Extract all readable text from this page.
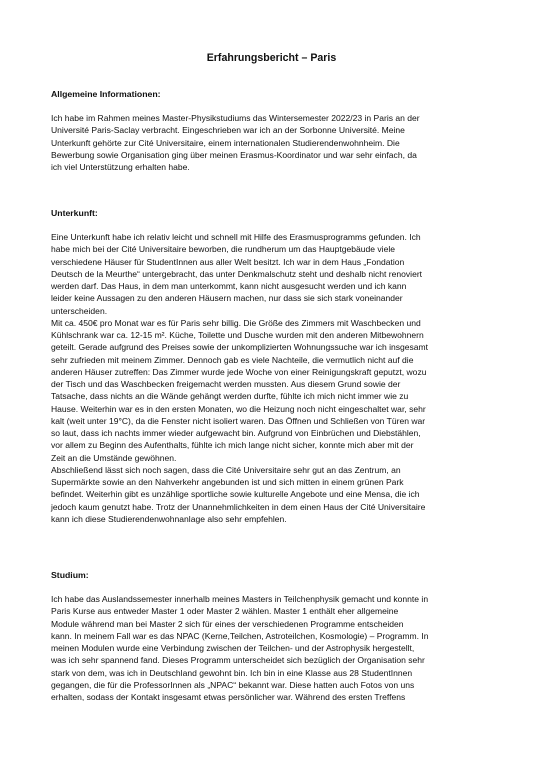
Erfahrungsbericht – Paris
Allgemeine Informationen:
Ich habe im Rahmen meines Master-Physikstudiums das Wintersemester 2022/23 in Paris an der
Université Paris-Saclay verbracht. Eingeschrieben war ich an der Sorbonne Université. Meine
Unterkunft gehörte zur Cité Universitaire, einem internationalen Studierendenwohnheim. Die
Bewerbung sowie Organisation ging über meinen Erasmus-Koordinator und war sehr einfach, da
ich viel Unterstützung erhalten habe.
Unterkunft:
Eine Unterkunft habe ich relativ leicht und schnell mit Hilfe des Erasmusprogramms gefunden. Ich
habe mich bei der Cité Universitaire beworben, die rundherum um das Hauptgebäude viele
verschiedene Häuser für StudentInnen aus aller Welt besitzt. Ich war in dem Haus „Fondation
Deutsch de la Meurthe“ untergebracht, das unter Denkmalschutz steht und deshalb nicht renoviert
werden darf. Das Haus, in dem man unterkommt, kann nicht ausgesucht werden und ich kann
leider keine Aussagen zu den anderen Häusern machen, nur dass sie sich stark voneinander
unterscheiden.
Mit ca. 450€ pro Monat war es für Paris sehr billig. Die Größe des Zimmers mit Waschbecken und
Kühlschrank war ca. 12-15 m². Küche, Toilette und Dusche wurden mit den anderen Mitbewohnern
geteilt. Gerade aufgrund des Preises sowie der unkomplizierten Wohnungssuche war ich insgesamt
sehr zufrieden mit meinem Zimmer. Dennoch gab es viele Nachteile, die vermutlich nicht auf die
anderen Häuser zutreffen: Das Zimmer wurde jede Woche von einer Reinigungskraft geputzt, wozu
der Tisch und das Waschbecken freigemacht werden mussten. Aus diesem Grund sowie der
Tatsache, dass nichts an die Wände gehängt werden durfte, fühlte ich mich nicht immer wie zu
Hause. Weiterhin war es in den ersten Monaten, wo die Heizung noch nicht eingeschaltet war, sehr
kalt (weit unter 19°C), da die Fenster nicht isoliert waren. Das Öffnen und Schließen von Türen war
so laut, dass ich nachts immer wieder aufgewacht bin. Aufgrund von Einbrüchen und Diebstählen,
vor allem zu Beginn des Aufenthalts, fühlte ich mich lange nicht sicher, konnte mich aber mit der
Zeit an die Umstände gewöhnen.
Abschließend lässt sich noch sagen, dass die Cité Universitaire sehr gut an das Zentrum, an
Supermärkte sowie an den Nahverkehr angebunden ist und sich mitten in einem grünen Park
befindet. Weiterhin gibt es unzählige sportliche sowie kulturelle Angebote und eine Mensa, die ich
jedoch kaum genutzt habe. Trotz der Unannehmlichkeiten in dem einen Haus der Cité Universitaire
kann ich diese Studierendenwohnanlage also sehr empfehlen.
Studium:
Ich habe das Auslandssemester innerhalb meines Masters in Teilchenphysik gemacht und konnte in
Paris Kurse aus entweder Master 1 oder Master 2 wählen. Master 1 enthält eher allgemeine
Module während man bei Master 2 sich für eines der verschiedenen Programme entscheiden
kann. In meinem Fall war es das NPAC (Kerne,Teilchen, Astroteilchen, Kosmologie) – Programm. In
meinen Modulen wurde eine Verbindung zwischen der Teilchen- und der Astrophysik hergestellt,
was ich sehr spannend fand. Dieses Programm unterscheidet sich bezüglich der Organisation sehr
stark von dem, was ich in Deutschland gewohnt bin. Ich bin in eine Klasse aus 28 StudentInnen
gegangen, die für die ProfessorInnen als „NPAC“ bekannt war. Diese hatten auch Fotos von uns
erhalten, sodass der Kontakt insgesamt etwas persönlicher war. Während des ersten Treffens
